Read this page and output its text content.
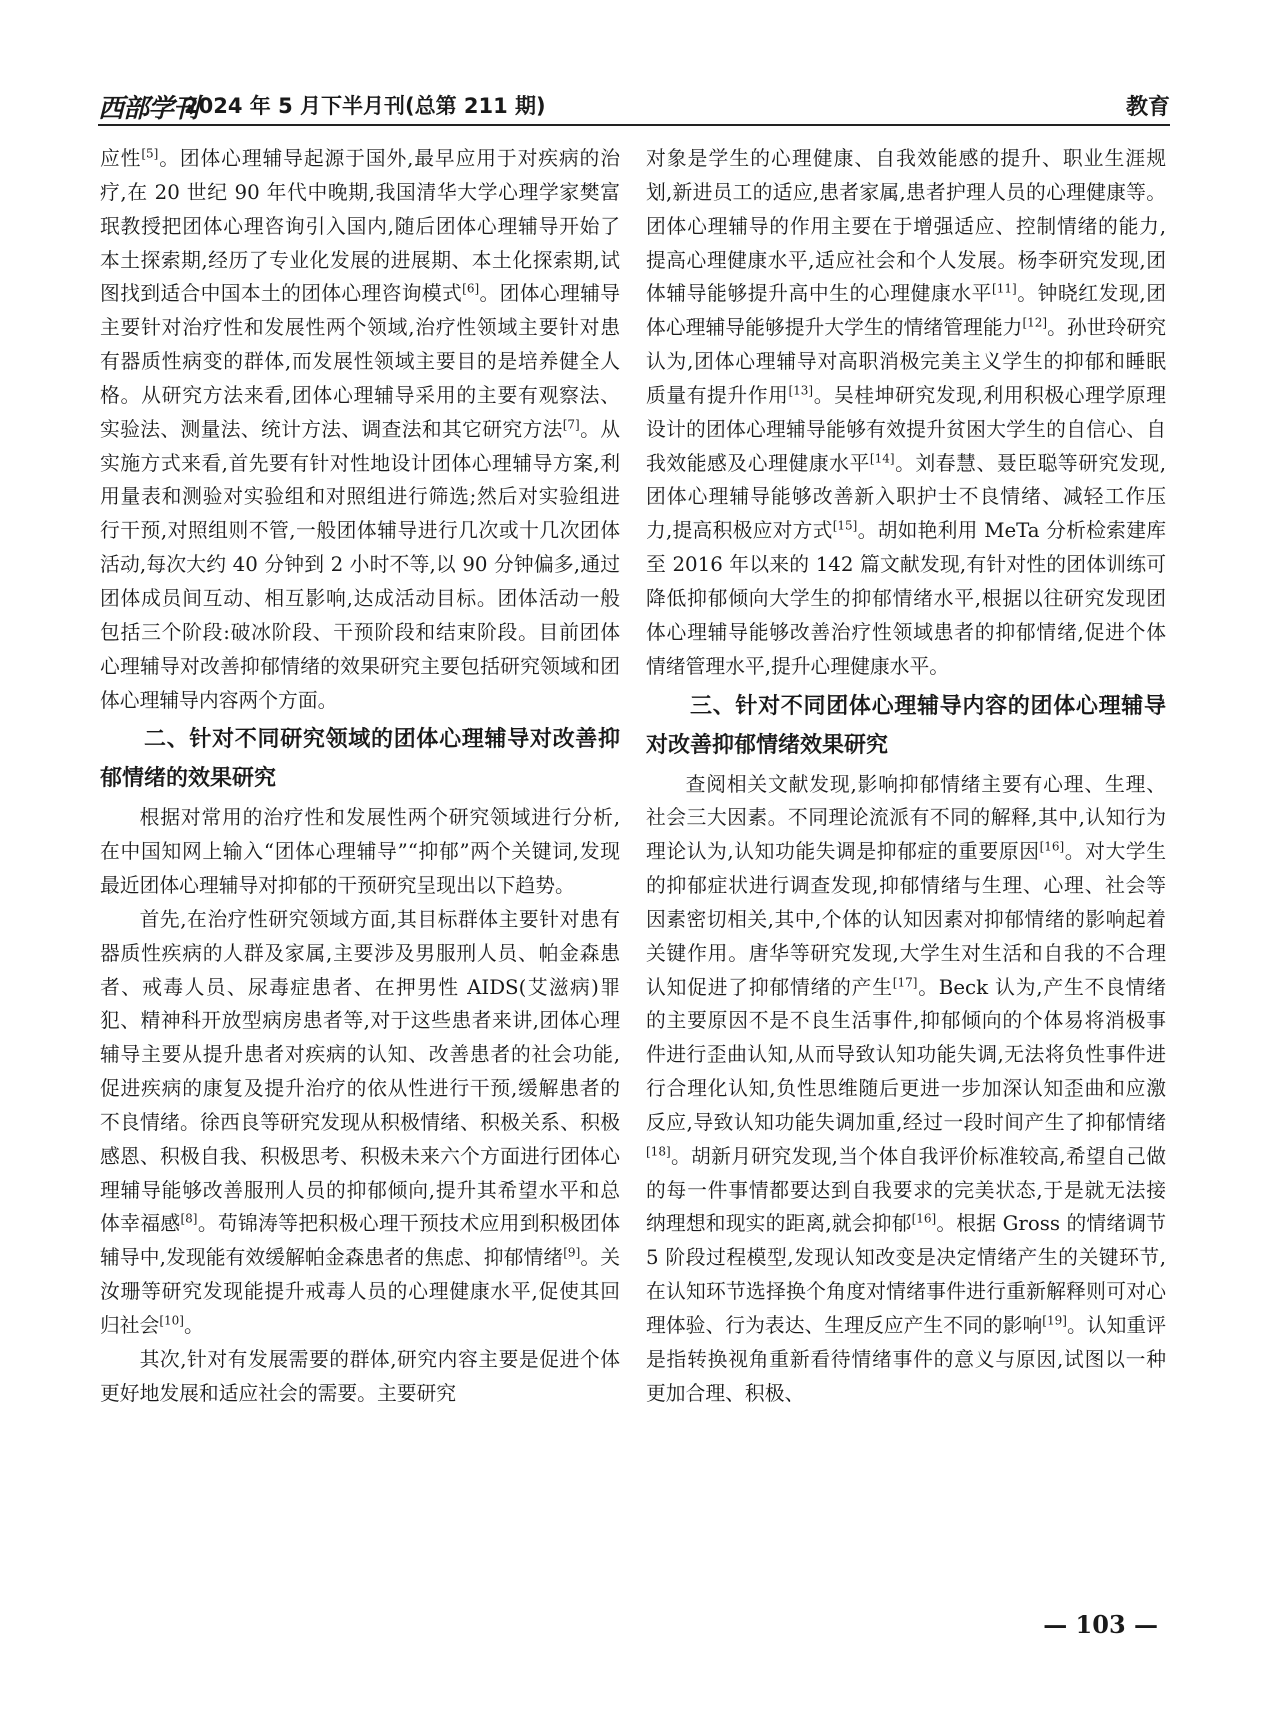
西部学刊
2024 年 5 月下半月刊(总第 211 期)	教育

应性[5]。团体心理辅导起源于国外,最早应用于对疾病的治疗,在 20 世纪 90 年代中晚期,我国清华大学心理学家樊富珉教授把团体心理咨询引入国内,随后团体心理辅导开始了本土探索期,经历了专业化发展的进展期、本土化探索期,试图找到适合中国本土的团体心理咨询模式[6]。团体心理辅导主要针对治疗性和发展性两个领域,治疗性领域主要针对患有器质性病变的群体,而发展性领域主要目的是培养健全人格。从研究方法来看,团体心理辅导采用的主要有观察法、实验法、测量法、统计方法、调查法和其它研究方法[7]。从实施方式来看,首先要有针对性地设计团体心理辅导方案,利用量表和测验对实验组和对照组进行筛选;然后对实验组进行干预,对照组则不管,一般团体辅导进行几次或十几次团体活动,每次大约 40 分钟到 2 小时不等,以 90 分钟偏多,通过团体成员间互动、相互影响,达成活动目标。团体活动一般包括三个阶段:破冰阶段、干预阶段和结束阶段。目前团体心理辅导对改善抑郁情绪的效果研究主要包括研究领域和团体心理辅导内容两个方面。

二、针对不同研究领域的团体心理辅导对改善抑郁情绪的效果研究

根据对常用的治疗性和发展性两个研究领域进行分析,在中国知网上输入“团体心理辅导”“抑郁”两个关键词,发现最近团体心理辅导对抑郁的干预研究呈现出以下趋势。

首先,在治疗性研究领域方面,其目标群体主要针对患有器质性疾病的人群及家属,主要涉及男服刑人员、帕金森患者、戒毒人员、尿毒症患者、在押男性 AIDS(艾滋病)罪犯、精神科开放型病房患者等,对于这些患者来讲,团体心理辅导主要从提升患者对疾病的认知、改善患者的社会功能,促进疾病的康复及提升治疗的依从性进行干预,缓解患者的不良情绪。徐西良等研究发现从积极情绪、积极关系、积极感恩、积极自我、积极思考、积极未来六个方面进行团体心理辅导能够改善服刑人员的抑郁倾向,提升其希望水平和总体幸福感[8]。苟锦涛等把积极心理干预技术应用到积极团体辅导中,发现能有效缓解帕金森患者的焦虑、抑郁情绪[9]。关汝珊等研究发现能提升戒毒人员的心理健康水平,促使其回归社会[10]。

其次,针对有发展需要的群体,研究内容主要是促进个体更好地发展和适应社会的需要。主要研究

对象是学生的心理健康、自我效能感的提升、职业生涯规划,新进员工的适应,患者家属,患者护理人员的心理健康等。团体心理辅导的作用主要在于增强适应、控制情绪的能力,提高心理健康水平,适应社会和个人发展。杨李研究发现,团体辅导能够提升高中生的心理健康水平[11]。钟晓红发现,团体心理辅导能够提升大学生的情绪管理能力[12]。孙世玲研究认为,团体心理辅导对高职消极完美主义学生的抑郁和睡眠质量有提升作用[13]。吴桂坤研究发现,利用积极心理学原理设计的团体心理辅导能够有效提升贫困大学生的自信心、自我效能感及心理健康水平[14]。刘春慧、聂臣聪等研究发现,团体心理辅导能够改善新入职护士不良情绪、减轻工作压力,提高积极应对方式[15]。胡如艳利用 MeTa 分析检索建库至 2016 年以来的 142 篇文献发现,有针对性的团体训练可降低抑郁倾向大学生的抑郁情绪水平,根据以往研究发现团体心理辅导能够改善治疗性领域患者的抑郁情绪,促进个体情绪管理水平,提升心理健康水平。

三、针对不同团体心理辅导内容的团体心理辅导对改善抑郁情绪效果研究

查阅相关文献发现,影响抑郁情绪主要有心理、生理、社会三大因素。不同理论流派有不同的解释,其中,认知行为理论认为,认知功能失调是抑郁症的重要原因[16]。对大学生的抑郁症状进行调查发现,抑郁情绪与生理、心理、社会等因素密切相关,其中,个体的认知因素对抑郁情绪的影响起着关键作用。唐华等研究发现,大学生对生活和自我的不合理认知促进了抑郁情绪的产生[17]。Beck 认为,产生不良情绪的主要原因不是不良生活事件,抑郁倾向的个体易将消极事件进行歪曲认知,从而导致认知功能失调,无法将负性事件进行合理化认知,负性思维随后更进一步加深认知歪曲和应激反应,导致认知功能失调加重,经过一段时间产生了抑郁情绪[18]。胡新月研究发现,当个体自我评价标准较高,希望自己做的每一件事情都要达到自我要求的完美状态,于是就无法接纳理想和现实的距离,就会抑郁[16]。根据 Gross 的情绪调节 5 阶段过程模型,发现认知改变是决定情绪产生的关键环节,在认知环节选择换个角度对情绪事件进行重新解释则可对心理体验、行为表达、生理反应产生不同的影响[19]。认知重评是指转换视角重新看待情绪事件的意义与原因,试图以一种更加合理、积极、

— 103 —
